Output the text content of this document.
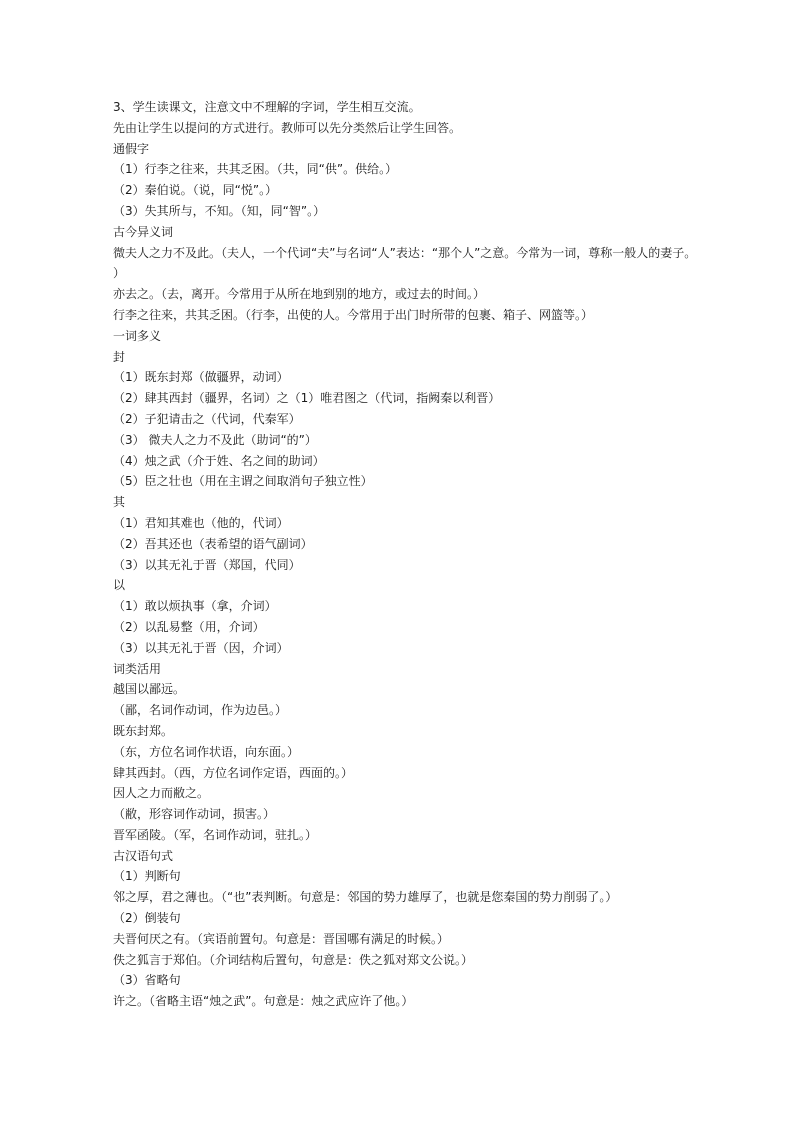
3、学生读课文，注意文中不理解的字词，学生相互交流。
先由让学生以提问的方式进行。教师可以先分类然后让学生回答。
通假字
（1）行李之往来，共其乏困。（共，同“供”。供给。）
（2）秦伯说。（说，同“悦”。）
（3）失其所与，不知。（知，同“智”。）
古今异义词
微夫人之力不及此。（夫人，一个代词“夫”与名词“人”表达：“那个人”之意。今常为一词，尊称一般人的妻子。
）
亦去之。（去，离开。今常用于从所在地到别的地方，或过去的时间。）
行李之往来，共其乏困。（行李，出使的人。今常用于出门时所带的包裹、箱子、网篮等。）
一词多义
封
（1）既东封郑（做疆界，动词）
（2）肆其西封（疆界，名词）之（1）唯君图之（代词，指阙秦以利晋）
（2）子犯请击之（代词，代秦军）
（3） 微夫人之力不及此（助词“的”）
（4）烛之武（介于姓、名之间的助词）
（5）臣之壮也（用在主谓之间取消句子独立性）
其
（1）君知其难也（他的，代词）
（2）吾其还也（表希望的语气副词）
（3）以其无礼于晋（郑国，代同）
以
（1）敢以烦执事（拿，介词）
（2）以乱易整（用，介词）
（3）以其无礼于晋（因，介词）
词类活用
越国以鄙远。
（鄙，名词作动词，作为边邑。）
既东封郑。
（东，方位名词作状语，向东面。）
肆其西封。（西，方位名词作定语，西面的。）
因人之力而敝之。
（敝，形容词作动词，损害。）
晋军函陵。（军，名词作动词，驻扎。）
古汉语句式
（1）判断句
邻之厚，君之薄也。（“也”表判断。句意是：邻国的势力雄厚了，也就是您秦国的势力削弱了。）
（2）倒装句
夫晋何厌之有。（宾语前置句。句意是：晋国哪有满足的时候。）
佚之狐言于郑伯。（介词结构后置句，句意是：佚之狐对郑文公说。）
（3）省略句
许之。（省略主语“烛之武”。句意是：烛之武应许了他。）
